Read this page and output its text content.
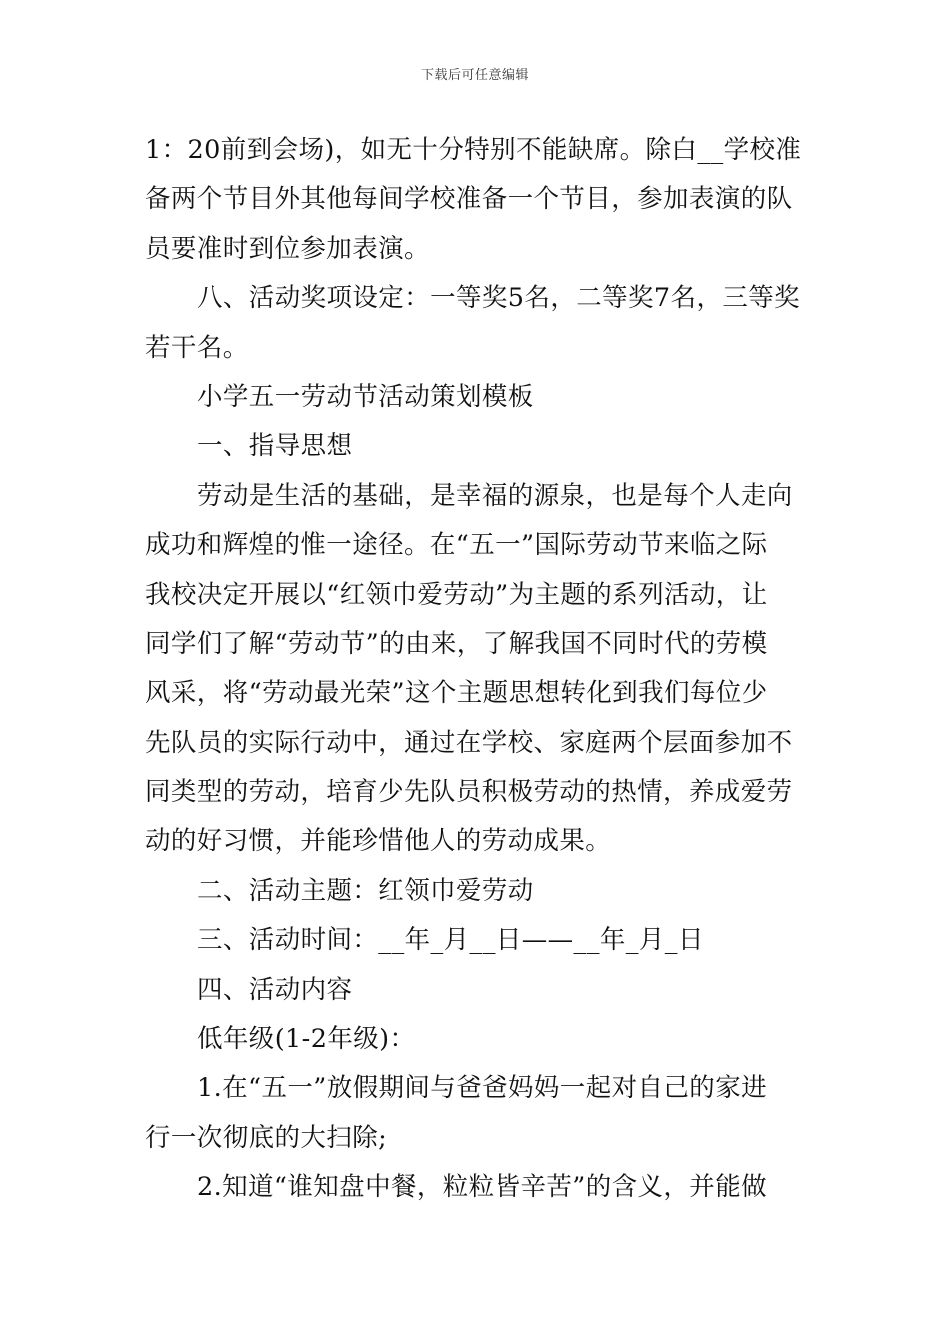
下载后可任意编辑
1：20前到会场)，如无十分特别不能缺席。除白__学校准
备两个节目外其他每间学校准备一个节目，参加表演的队
员要准时到位参加表演。
八、活动奖项设定：一等奖5名，二等奖7名，三等奖
若干名。
小学五一劳动节活动策划模板
一、指导思想
劳动是生活的基础，是幸福的源泉，也是每个人走向
成功和辉煌的惟一途径。在“五一”国际劳动节来临之际
我校决定开展以“红领巾爱劳动”为主题的系列活动，让
同学们了解“劳动节”的由来，了解我国不同时代的劳模
风采，将“劳动最光荣”这个主题思想转化到我们每位少
先队员的实际行动中，通过在学校、家庭两个层面参加不
同类型的劳动，培育少先队员积极劳动的热情，养成爱劳
动的好习惯，并能珍惜他人的劳动成果。
二、活动主题：红领巾爱劳动
三、活动时间：__年_月__日——__年_月_日
四、活动内容
低年级(1-2年级)：
1.在“五一”放假期间与爸爸妈妈一起对自己的家进
行一次彻底的大扫除;
2.知道“谁知盘中餐，粒粒皆辛苦”的含义，并能做
